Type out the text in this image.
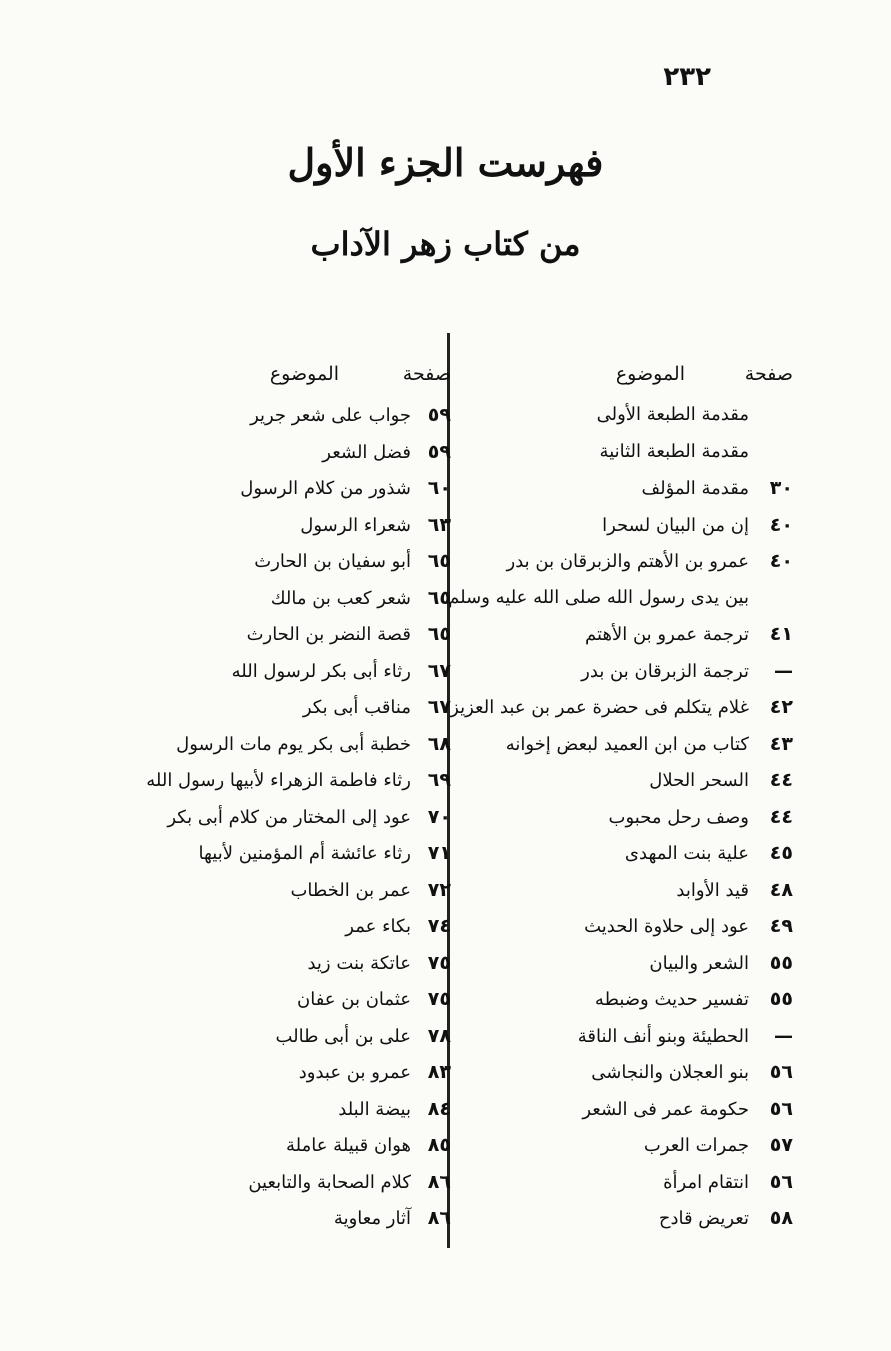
٢٣٢
فهرست الجزء الأول
من كتاب زهر الآداب
صفحة
الموضوع
مقدمة الطبعة الأولى
مقدمة الطبعة الثانية
٣٠
مقدمة المؤلف
٤٠
إن من البيان لسحرا
٤٠
عمرو بن الأهتم والزبرقان بن بدر
بين يدى رسول الله صلى الله عليه وسلم
٤١
ترجمة عمرو بن الأهتم
—
ترجمة الزبرقان بن بدر
٤٢
غلام يتكلم فى حضرة عمر بن عبد العزيز
٤٣
كتاب من ابن العميد لبعض إخوانه
٤٤
السحر الحلال
٤٤
وصف رحل محبوب
٤٥
علية بنت المهدى
٤٨
قيد الأوابد
٤٩
عود إلى حلاوة الحديث
٥٥
الشعر والبيان
٥٥
تفسير حديث وضبطه
—
الحطيئة وبنو أنف الناقة
٥٦
بنو العجلان والنجاشى
٥٦
حكومة عمر فى الشعر
٥٧
جمرات العرب
٥٦
انتقام امرأة
٥٨
تعريض قادح
صفحة
الموضوع
٥٩
جواب على شعر جرير
٥٩
فضل الشعر
٦٠
شذور من كلام الرسول
٦٣
شعراء الرسول
٦٥
أبو سفيان بن الحارث
٦٥
شعر كعب بن مالك
٦٥
قصة النضر بن الحارث
٦٧
رثاء أبى بكر لرسول الله
٦٧
مناقب أبى بكر
٦٨
خطبة أبى بكر يوم مات الرسول
٦٩
رثاء فاطمة الزهراء لأبيها رسول الله
٧٠
عود إلى المختار من كلام أبى بكر
٧١
رثاء عائشة أم المؤمنين لأبيها
٧٢
عمر بن الخطاب
٧٤
بكاء عمر
٧٥
عاتكة بنت زيد
٧٥
عثمان بن عفان
٧٨
على بن أبى طالب
٨٣
عمرو بن عبدود
٨٤
بيضة البلد
٨٥
هوان قبيلة عاملة
٨٦
كلام الصحابة والتابعين
٨٦
آثار معاوية
